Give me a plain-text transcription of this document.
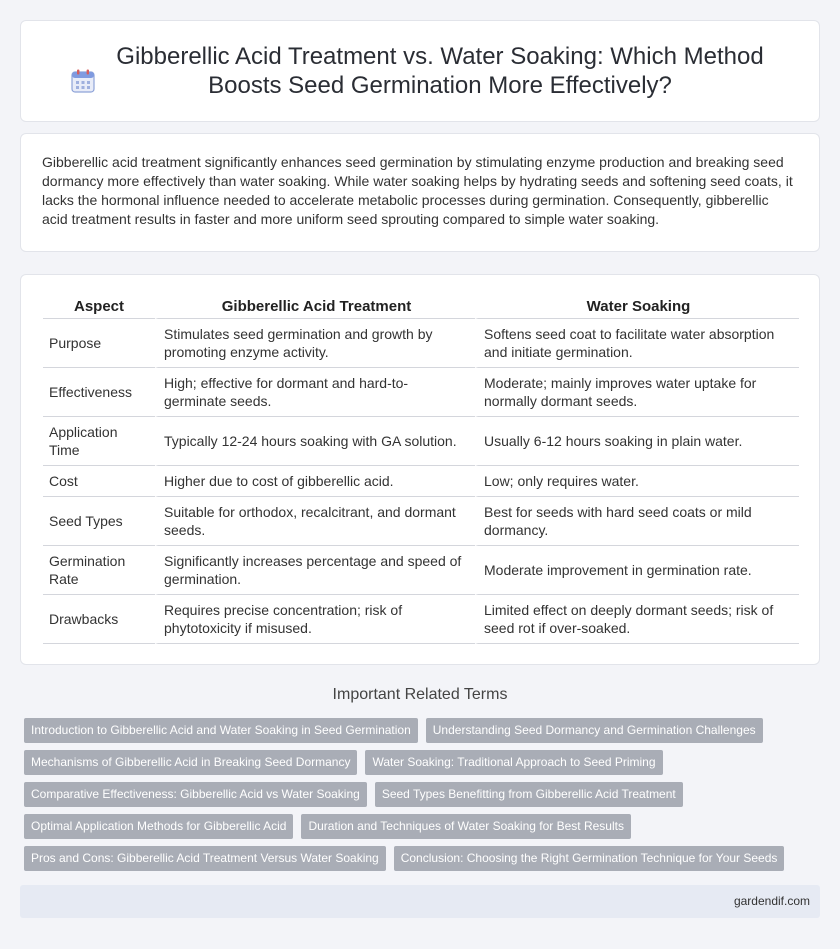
Gibberellic Acid Treatment vs. Water Soaking: Which Method Boosts Seed Germination More Effectively?

Gibberellic acid treatment significantly enhances seed germination by stimulating enzyme production and breaking seed dormancy more effectively than water soaking. While water soaking helps by hydrating seeds and softening seed coats, it lacks the hormonal influence needed to accelerate metabolic processes during germination. Consequently, gibberellic acid treatment results in faster and more uniform seed sprouting compared to simple water soaking.

Aspect	Gibberellic Acid Treatment	Water Soaking
Purpose	Stimulates seed germination and growth by promoting enzyme activity.	Softens seed coat to facilitate water absorption and initiate germination.
Effectiveness	High; effective for dormant and hard-to-germinate seeds.	Moderate; mainly improves water uptake for normally dormant seeds.
Application Time	Typically 12-24 hours soaking with GA solution.	Usually 6-12 hours soaking in plain water.
Cost	Higher due to cost of gibberellic acid.	Low; only requires water.
Seed Types	Suitable for orthodox, recalcitrant, and dormant seeds.	Best for seeds with hard seed coats or mild dormancy.
Germination Rate	Significantly increases percentage and speed of germination.	Moderate improvement in germination rate.
Drawbacks	Requires precise concentration; risk of phytotoxicity if misused.	Limited effect on deeply dormant seeds; risk of seed rot if over-soaked.
Important Related Terms
Introduction to Gibberellic Acid and Water Soaking in Seed Germination	Understanding Seed Dormancy and Germination Challenges
Mechanisms of Gibberellic Acid in Breaking Seed Dormancy	Water Soaking: Traditional Approach to Seed Priming
Comparative Effectiveness: Gibberellic Acid vs Water Soaking	Seed Types Benefitting from Gibberellic Acid Treatment
Optimal Application Methods for Gibberellic Acid	Duration and Techniques of Water Soaking for Best Results
Pros and Cons: Gibberellic Acid Treatment Versus Water Soaking	Conclusion: Choosing the Right Germination Technique for Your Seeds
gardendif.com
